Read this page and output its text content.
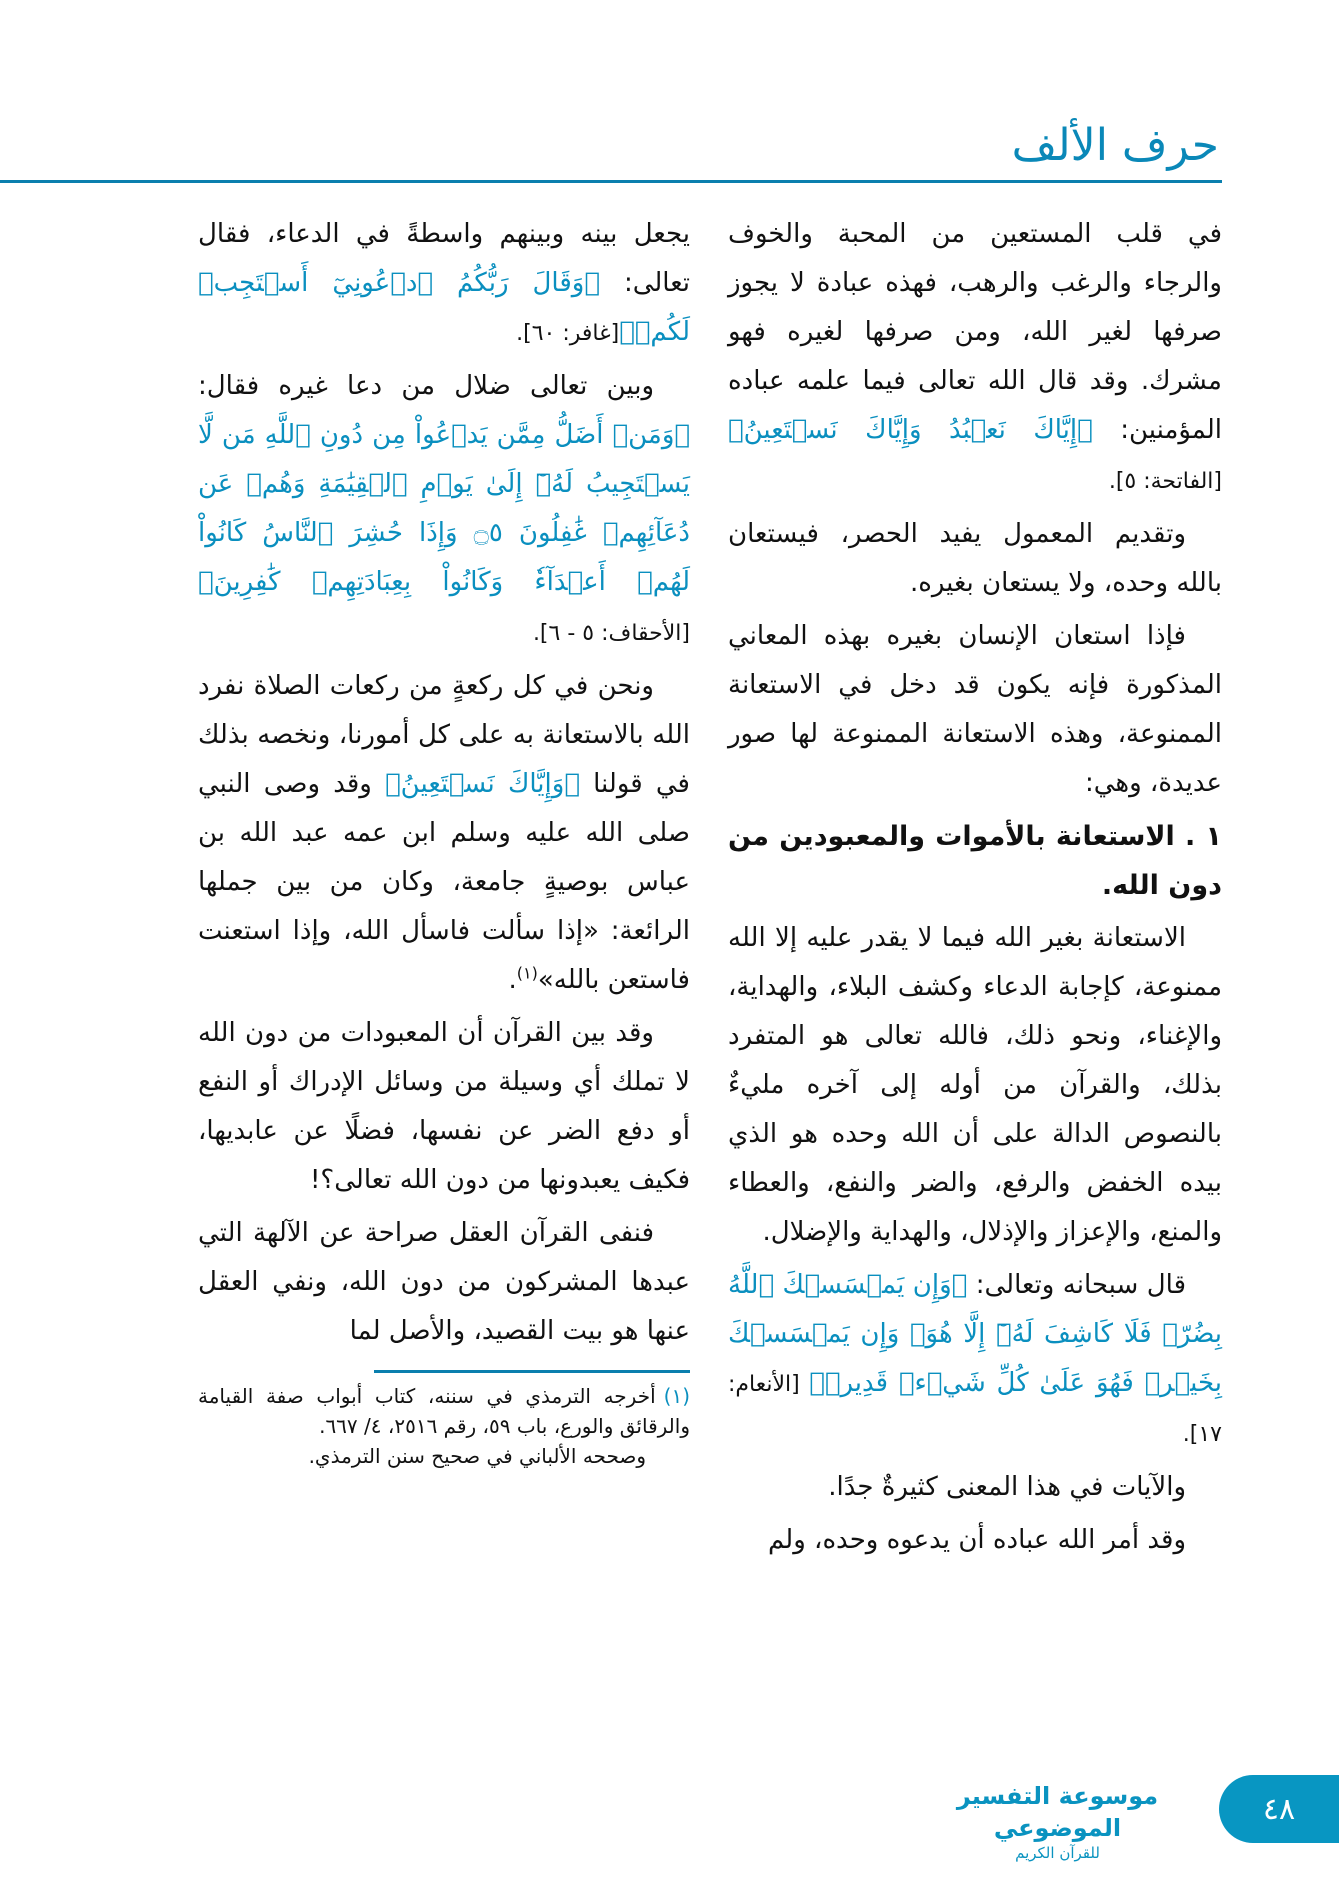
حرف الألف

في قلب المستعين من المحبة والخوف والرجاء والرغب والرهب، فهذه عبادة لا يجوز صرفها لغير الله، ومن صرفها لغيره فهو مشرك. وقد قال الله تعالى فيما علمه عباده المؤمنين: ﴿إِيَّاكَ نَعۡبُدُ وَإِيَّاكَ نَسۡتَعِينُ﴾ [الفاتحة: ٥].

وتقديم المعمول يفيد الحصر، فيستعان بالله وحده، ولا يستعان بغيره.

فإذا استعان الإنسان بغيره بهذه المعاني المذكورة فإنه يكون قد دخل في الاستعانة الممنوعة، وهذه الاستعانة الممنوعة لها صور عديدة، وهي:

١ . الاستعانة بالأموات والمعبودين من دون الله.

الاستعانة بغير الله فيما لا يقدر عليه إلا الله ممنوعة، كإجابة الدعاء وكشف البلاء، والهداية، والإغناء، ونحو ذلك، فالله تعالى هو المتفرد بذلك، والقرآن من أوله إلى آخره مليءٌ بالنصوص الدالة على أن الله وحده هو الذي بيده الخفض والرفع، والضر والنفع، والعطاء والمنع، والإعزاز والإذلال، والهداية والإضلال.

قال سبحانه وتعالى: ﴿وَإِن يَمۡسَسۡكَ ٱللَّهُ بِضُرّٖ فَلَا كَاشِفَ لَهُۥٓ إِلَّا هُوَۖ وَإِن يَمۡسَسۡكَ بِخَيۡرٖ فَهُوَ عَلَىٰ كُلِّ شَيۡءٖ قَدِيرٞ﴾ [الأنعام: ١٧].

والآيات في هذا المعنى كثيرةٌ جدًا.

وقد أمر الله عباده أن يدعوه وحده، ولم

يجعل بينه وبينهم واسطةً في الدعاء، فقال تعالى: ﴿وَقَالَ رَبُّكُمُ ٱدۡعُونِيٓ أَسۡتَجِبۡ لَكُمۡ﴾[غافر: ٦٠].

وبين تعالى ضلال من دعا غيره فقال: ﴿وَمَنۡ أَضَلُّ مِمَّن يَدۡعُواْ مِن دُونِ ٱللَّهِ مَن لَّا يَسۡتَجِيبُ لَهُۥٓ إِلَىٰ يَوۡمِ ٱلۡقِيَٰمَةِ وَهُمۡ عَن دُعَآئِهِمۡ غَٰفِلُونَ ۝٥ وَإِذَا حُشِرَ ٱلنَّاسُ كَانُواْ لَهُمۡ أَعۡدَآءٗ وَكَانُواْ بِعِبَادَتِهِمۡ كَٰفِرِينَ﴾ [الأحقاف: ٥ - ٦].

ونحن في كل ركعةٍ من ركعات الصلاة نفرد الله بالاستعانة به على كل أمورنا، ونخصه بذلك في قولنا ﴿وَإِيَّاكَ نَسۡتَعِينُ﴾ وقد وصى النبي صلى الله عليه وسلم ابن عمه عبد الله بن عباس بوصيةٍ جامعة، وكان من بين جملها الرائعة: «إذا سألت فاسأل الله، وإذا استعنت فاستعن بالله»$^{(١)}$.

وقد بين القرآن أن المعبودات من دون الله لا تملك أي وسيلة من وسائل الإدراك أو النفع أو دفع الضر عن نفسها، فضلًا عن عابديها، فكيف يعبدونها من دون الله تعالى؟!

فنفى القرآن العقل صراحة عن الآلهة التي عبدها المشركون من دون الله، ونفي العقل عنها هو بيت القصيد، والأصل لما

(١)أخرجه الترمذي في سننه، كتاب أبواب صفة القيامة والرقائق والورع، باب ٥٩، رقم ٢٥١٦، ٤/ ٦٦٧.

وصححه الألباني في صحيح سنن الترمذي.

موسوعة التفسير الموضوعي
للقرآن الكريم
٤٨
